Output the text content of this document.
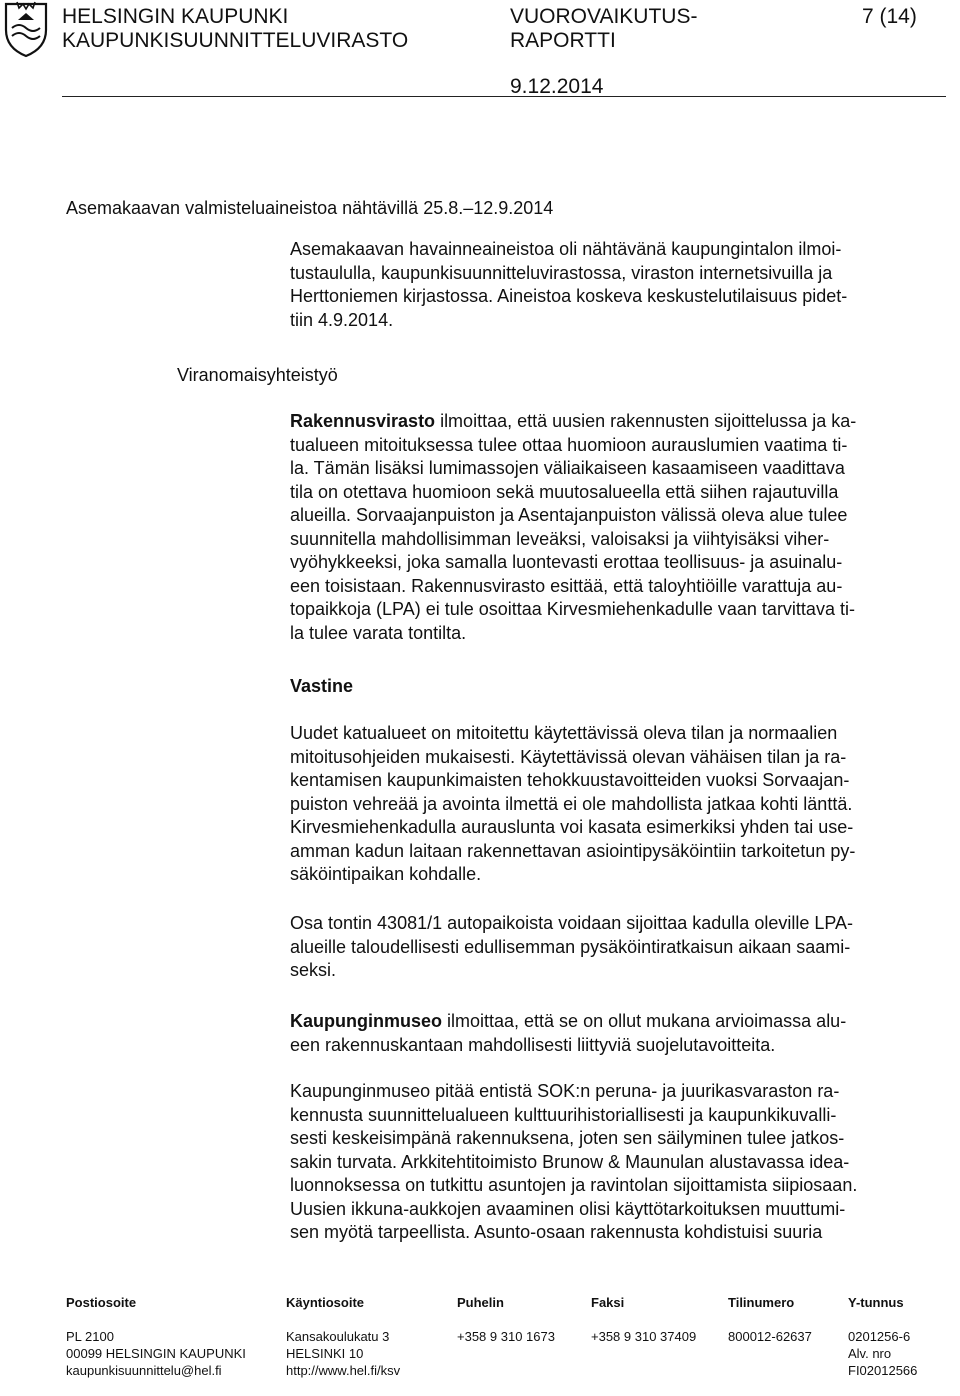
HELSINGIN KAUPUNKI
KAUPUNKISUUNNITTELUVIRASTO
VUOROVAIKUTUS-
RAPORTTI
7 (14)
9.12.2014
Asemakaavan valmisteluaineistoa nähtävillä 25.8.–12.9.2014

Asemakaavan havainneaineistoa oli nähtävänä kaupungintalon ilmoi-
tustaululla, kaupunkisuunnitteluvirastossa, viraston internetsivuilla ja
Herttoniemen kirjastossa. Aineistoa koskeva keskustelutilaisuus pidet-
tiin 4.9.2014.

Viranomaisyhteistyö

Rakennusvirasto ilmoittaa, että uusien rakennusten sijoittelussa ja ka-
tualueen mitoituksessa tulee ottaa huomioon aurauslumien vaatima ti-
la. Tämän lisäksi lumimassojen väliaikaiseen kasaamiseen vaadittava
tila on otettava huomioon sekä muutosalueella että siihen rajautuvilla
alueilla. Sorvaajanpuiston ja Asentajanpuiston välissä oleva alue tulee
suunnitella mahdollisimman leveäksi, valoisaksi ja viihtyisäksi viher-
vyöhykkeeksi, joka samalla luontevasti erottaa teollisuus- ja asuinalu-
een toisistaan. Rakennusvirasto esittää, että taloyhtiöille varattuja au-
topaikkoja (LPA) ei tule osoittaa Kirvesmiehenkadulle vaan tarvittava ti-
la tulee varata tontilta.

Vastine

Uudet katualueet on mitoitettu käytettävissä oleva tilan ja normaalien
mitoitusohjeiden mukaisesti. Käytettävissä olevan vähäisen tilan ja ra-
kentamisen kaupunkimaisten tehokkuustavoitteiden vuoksi Sorvaajan-
puiston vehreää ja avointa ilmettä ei ole mahdollista jatkaa kohti länttä.
Kirvesmiehenkadulla aurauslunta voi kasata esimerkiksi yhden tai use-
amman kadun laitaan rakennettavan asiointipysäköintiin tarkoitetun py-
säköintipaikan kohdalle.

Osa tontin 43081/1 autopaikoista voidaan sijoittaa kadulla oleville LPA-
alueille taloudellisesti edullisemman pysäköintiratkaisun aikaan saami-
seksi.

Kaupunginmuseo ilmoittaa, että se on ollut mukana arvioimassa alu-
een rakennuskantaan mahdollisesti liittyviä suojelutavoitteita.

Kaupunginmuseo pitää entistä SOK:n peruna- ja juurikasvaraston ra-
kennusta suunnittelualueen kulttuurihistoriallisesti ja kaupunkikuvalli-
sesti keskeisimpänä rakennuksena, joten sen säilyminen tulee jatkos-
sakin turvata. Arkkitehtitoimisto Brunow & Maunulan alustavassa idea-
luonnoksessa on tutkittu asuntojen ja ravintolan sijoittamista siipiosaan.
Uusien ikkuna-aukkojen avaaminen olisi käyttötarkoituksen muuttumi-
sen myötä tarpeellista. Asunto-osaan rakennusta kohdistuisi suuria

Postiosoite

PL 2100
00099 HELSINGIN KAUPUNKI
kaupunkisuunnittelu@hel.fi

Käyntiosoite

Kansakoulukatu 3
HELSINKI 10
http://www.hel.fi/ksv

Puhelin

+358 9 310 1673

Faksi

+358 9 310 37409

Tilinumero

800012-62637

Y-tunnus

0201256-6
Alv. nro
FI02012566
